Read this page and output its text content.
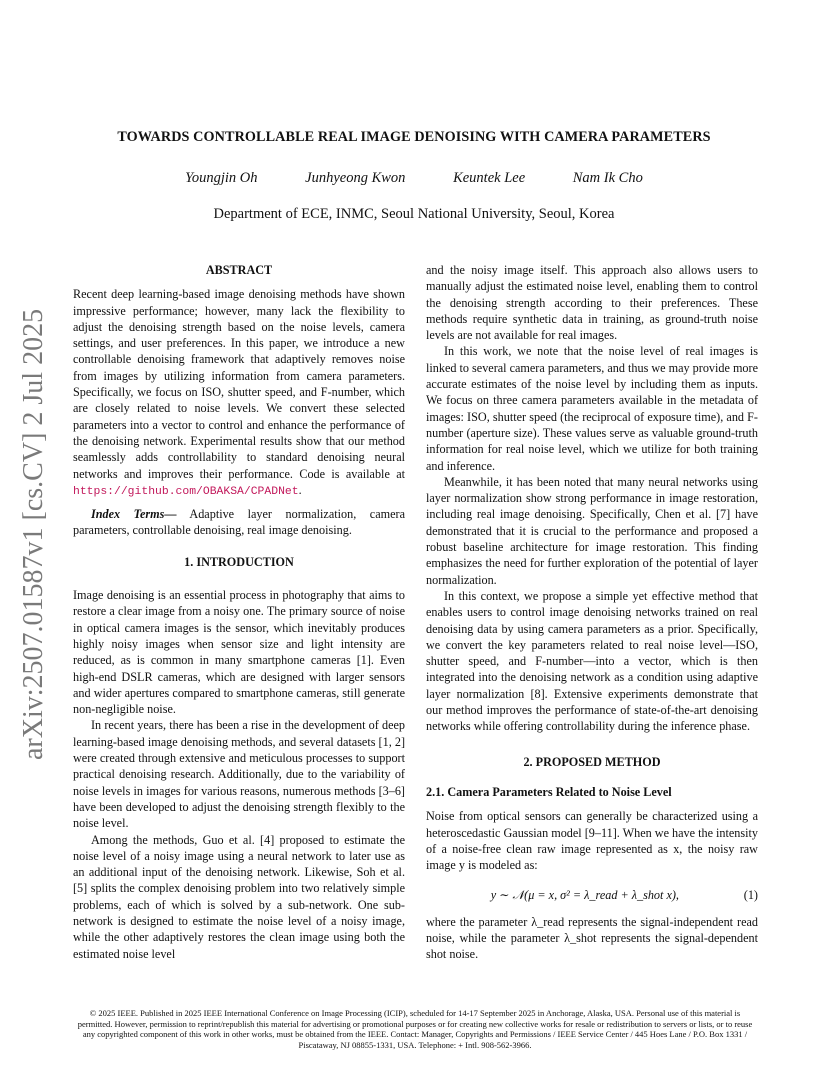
arXiv:2507.01587v1 [cs.CV] 2 Jul 2025
TOWARDS CONTROLLABLE REAL IMAGE DENOISING WITH CAMERA PARAMETERS
Youngjin Oh	Junhyeong Kwon	Keuntek Lee	Nam Ik Cho
Department of ECE, INMC, Seoul National University, Seoul, Korea
ABSTRACT

Recent deep learning-based image denoising methods have shown impressive performance; however, many lack the flexibility to adjust the denoising strength based on the noise levels, camera settings, and user preferences. In this paper, we introduce a new controllable denoising framework that adaptively removes noise from images by utilizing information from camera parameters. Specifically, we focus on ISO, shutter speed, and F-number, which are closely related to noise levels. We convert these selected parameters into a vector to control and enhance the performance of the denoising network. Experimental results show that our method seamlessly adds controllability to standard denoising neural networks and improves their performance. Code is available at https://github.com/OBAKSA/CPADNet.

Index Terms— Adaptive layer normalization, camera parameters, controllable denoising, real image denoising.

1. INTRODUCTION

Image denoising is an essential process in photography that aims to restore a clear image from a noisy one. The primary source of noise in optical camera images is the sensor, which inevitably produces highly noisy images when sensor size and light intensity are reduced, as is common in many smartphone cameras [1]. Even high-end DSLR cameras, which are designed with larger sensors and wider apertures compared to smartphone cameras, still generate non-negligible noise.

In recent years, there has been a rise in the development of deep learning-based image denoising methods, and several datasets [1, 2] were created through extensive and meticulous processes to support practical denoising research. Additionally, due to the variability of noise levels in images for various reasons, numerous methods [3–6] have been developed to adjust the denoising strength flexibly to the noise level.

Among the methods, Guo et al. [4] proposed to estimate the noise level of a noisy image using a neural network to later use as an additional input of the denoising network. Likewise, Soh et al. [5] splits the complex denoising problem into two relatively simple problems, each of which is solved by a sub-network. One sub-network is designed to estimate the noise level of a noisy image, while the other adaptively restores the clean image using both the estimated noise level

and the noisy image itself. This approach also allows users to manually adjust the estimated noise level, enabling them to control the denoising strength according to their preferences. These methods require synthetic data in training, as ground-truth noise levels are not available for real images.

In this work, we note that the noise level of real images is linked to several camera parameters, and thus we may provide more accurate estimates of the noise level by including them as inputs. We focus on three camera parameters available in the metadata of images: ISO, shutter speed (the reciprocal of exposure time), and F-number (aperture size). These values serve as valuable ground-truth information for real noise level, which we utilize for both training and inference.

Meanwhile, it has been noted that many neural networks using layer normalization show strong performance in image restoration, including real image denoising. Specifically, Chen et al. [7] have demonstrated that it is crucial to the performance and proposed a robust baseline architecture for image restoration. This finding emphasizes the need for further exploration of the potential of layer normalization.

In this context, we propose a simple yet effective method that enables users to control image denoising networks trained on real denoising data by using camera parameters as a prior. Specifically, we convert the key parameters related to real noise level—ISO, shutter speed, and F-number—into a vector, which is then integrated into the denoising network as a condition using adaptive layer normalization [8]. Extensive experiments demonstrate that our method improves the performance of state-of-the-art denoising networks while offering controllability during the inference phase.

2. PROPOSED METHOD
2.1. Camera Parameters Related to Noise Level

Noise from optical sensors can generally be characterized using a heteroscedastic Gaussian model [9–11]. When we have the intensity of a noise-free clean raw image represented as x, the noisy raw image y is modeled as:

y ∼ 𝒩(μ = x, σ² = λ_read + λ_shot x),	(1)

where the parameter λ_read represents the signal-independent read noise, while the parameter λ_shot represents the signal-dependent shot noise.

© 2025 IEEE. Published in 2025 IEEE International Conference on Image Processing (ICIP), scheduled for 14-17 September 2025 in Anchorage, Alaska, USA. Personal use of this material is permitted. However, permission to reprint/republish this material for advertising or promotional purposes or for creating new collective works for resale or redistribution to servers or lists, or to reuse any copyrighted component of this work in other works, must be obtained from the IEEE. Contact: Manager, Copyrights and Permissions / IEEE Service Center / 445 Hoes Lane / P.O. Box 1331 / Piscataway, NJ 08855-1331, USA. Telephone: + Intl. 908-562-3966.
